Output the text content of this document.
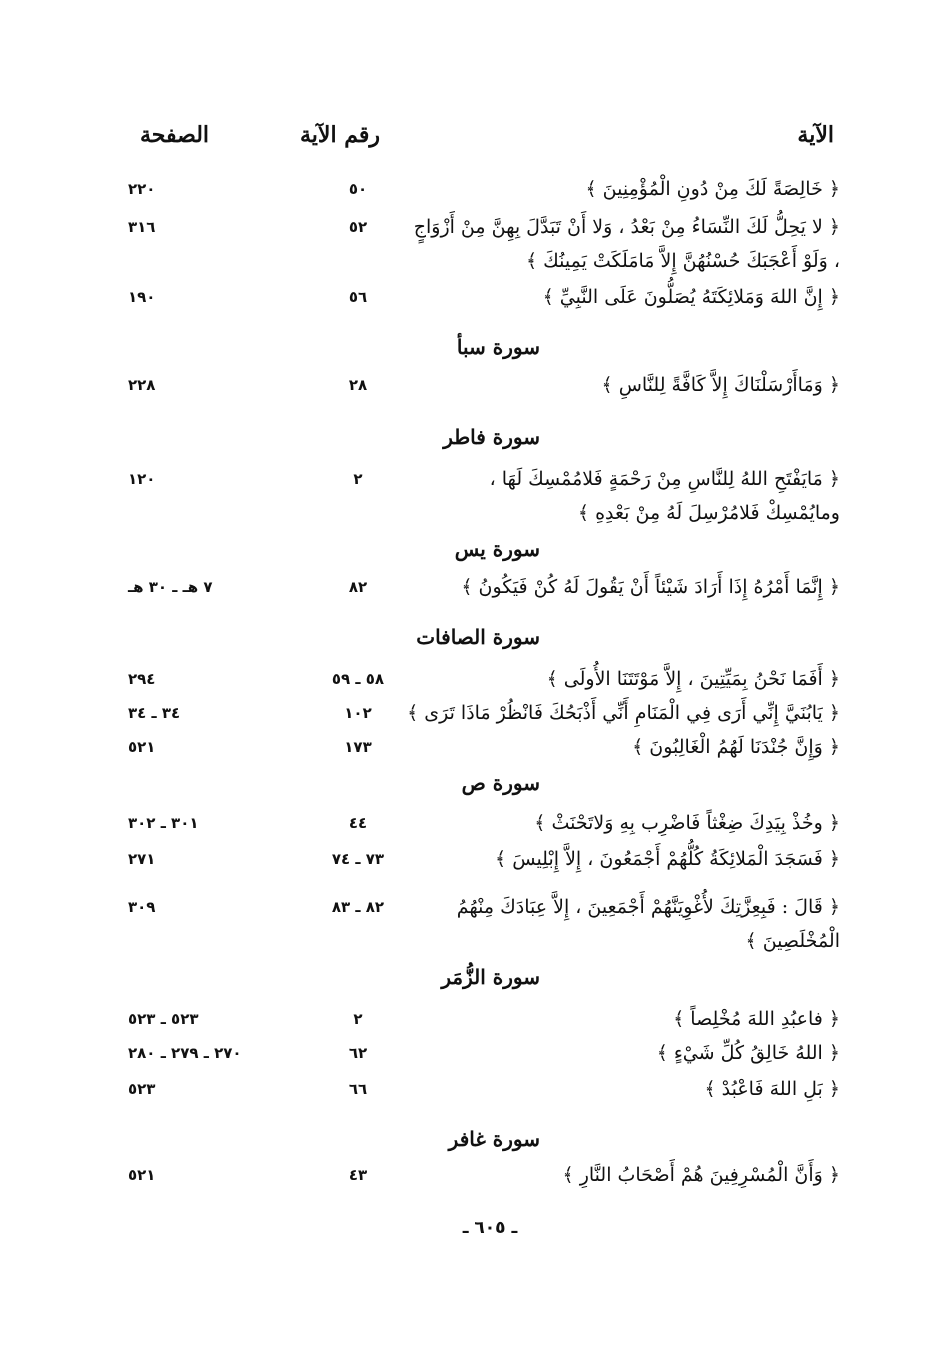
الآية
رقم الآية
الصفحة
﴿ خَالِصَةً لَكَ مِنْ دُونِ الْمُؤْمِنِينَ ﴾
٥٠
٢٢٠
﴿ لا يَحِلُّ لَكَ النِّسَاءُ مِنْ بَعْدُ ، وَلا أَنْ تَبَدَّلَ بِهِنَّ مِنْ أَزْوَاجٍ ، وَلَوْ أَعْجَبَكَ حُسْنُهُنَّ إِلاَّ مَامَلَكَتْ يَمِينُكَ ﴾
٥٢
٣١٦
﴿ إِنَّ اللهَ وَمَلائِكَتَهُ يُصَلُّونَ عَلَى النَّبِيِّ ﴾
٥٦
١٩٠
سورة سبأ
﴿ وَمَاأَرْسَلْنَاكَ إِلاَّ كَافَّةً لِلنَّاسِ ﴾
٢٨
٢٢٨
سورة فاطر
﴿ مَايَفْتَحِ اللهُ لِلنَّاسِ مِنْ رَحْمَةٍ فَلامُمْسِكَ لَهَا ، ومايُمْسِكْ فَلامُرْسِلَ لَهُ مِنْ بَعْدِهِ ﴾
٢
١٢٠
سورة يس
﴿ إِنَّمَا أَمْرُهُ إِذَا أَرَادَ شَيْئاً أَنْ يَقُولَ لَهُ كُنْ فَيَكُونُ ﴾
٨٢
٧ هـ ـ ٣٠ هـ
سورة الصافات
﴿ أَفَمَا نَحْنُ بِمَيِّتِينَ ، إِلاَّ مَوْتَتَنَا الأُولَى ﴾
٥٨ ـ ٥٩
٢٩٤
﴿ يَابُنَيَّ إِنِّي أَرَى فِي الْمَنَامِ أَنِّي أَذْبَحُكَ فَانْظُرْ مَاذَا تَرَى ﴾
١٠٢
٣٤ ـ ٣٤
﴿ وَإِنَّ جُنْدَنَا لَهُمُ الْغَالِبُونَ ﴾
١٧٣
٥٢١
سورة ص
﴿ وخُذْ بِيَدِكَ ضِغْثاً فَاضْرِب بِهِ وَلاتَحْنَثْ ﴾
٤٤
٣٠١ ـ ٣٠٢
﴿ فَسَجَدَ الْمَلائِكَةُ كُلُّهُمْ أَجْمَعُونَ ، إِلاَّ إِبْلِيسَ ﴾
٧٣ ـ ٧٤
٢٧١
﴿ قَالَ : فَبِعِزَّتِكَ لأُغْوِيَنَّهُمْ أَجْمَعِينَ ، إِلاَّ عِبَادَكَ مِنْهُمُ الْمُخْلَصِينَ ﴾
٨٢ ـ ٨٣
٣٠٩
سورة الزُّمَر
﴿ فاعبُدِ اللهَ مُخْلِصاً ﴾
٢
٥٢٣ ـ ٥٢٣
﴿ اللهُ خَالِقُ كُلِّ شَيْءٍ ﴾
٦٢
٢٧٠ ـ ٢٧٩ ـ ٢٨٠
﴿ بَلِ اللهَ فَاعْبُدْ ﴾
٦٦
٥٢٣
سورة غافر
﴿ وَأَنَّ الْمُسْرِفِينَ هُمْ أَصْحَابُ النَّارِ ﴾
٤٣
٥٢١
ـ ٦٠٥ ـ
